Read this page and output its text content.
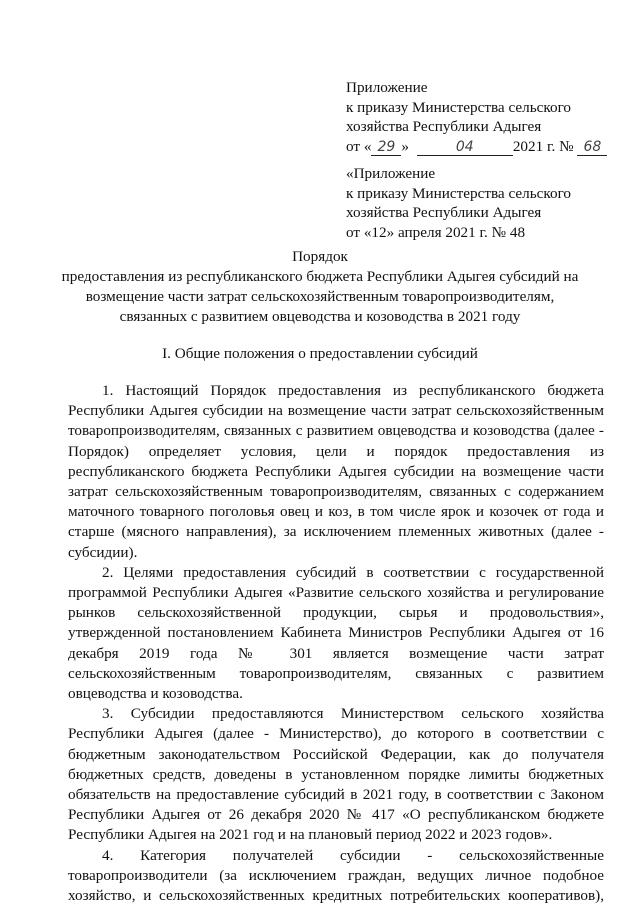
Приложение
к приказу Министерства сельского
хозяйства Республики Адыгея
от « 29 »	04	2021 г. № 68
«Приложение
к приказу Министерства сельского
хозяйства Республики Адыгея
от «12» апреля 2021 г. № 48
Порядок
предоставления из республиканского бюджета Республики Адыгея субсидий на
возмещение части затрат сельскохозяйственным товаропроизводителям,
связанных с развитием овцеводства и козоводства в 2021 году
I. Общие положения о предоставлении субсидий

1. Настоящий Порядок предоставления из республиканского бюджета Республики Адыгея субсидии на возмещение части затрат сельскохозяйственным товаропроизводителям, связанных с развитием овцеводства и козоводства (далее - Порядок) определяет условия, цели и порядок предоставления из республиканского бюджета Республики Адыгея субсидии на возмещение части затрат сельскохозяйственным товаропроизводителям, связанных с содержанием маточного товарного поголовья овец и коз, в том числе ярок и козочек от года и старше (мясного направления), за исключением племенных животных (далее - субсидии).

2. Целями предоставления субсидий в соответствии с государственной программой Республики Адыгея «Развитие сельского хозяйства и регулирование рынков сельскохозяйственной продукции, сырья и продовольствия», утвержденной постановлением Кабинета Министров Республики Адыгея от 16 декабря 2019 года № 301 является возмещение части затрат сельскохозяйственным товаропроизводителям, связанных с развитием овцеводства и козоводства.

3. Субсидии предоставляются Министерством сельского хозяйства Республики Адыгея (далее - Министерство), до которого в соответствии с бюджетным законодательством Российской Федерации, как до получателя бюджетных средств, доведены в установленном порядке лимиты бюджетных обязательств на предоставление субсидий в 2021 году, в соответствии с Законом Республики Адыгея от 26 декабря 2020 № 417 «О республиканском бюджете Республики Адыгея на 2021 год и на плановый период 2022 и 2023 годов».

4. Категория получателей субсидии - сельскохозяйственные товаропроизводители (за исключением граждан, ведущих личное подобное хозяйство, и сельскохозяйственных кредитных потребительских кооперативов),
